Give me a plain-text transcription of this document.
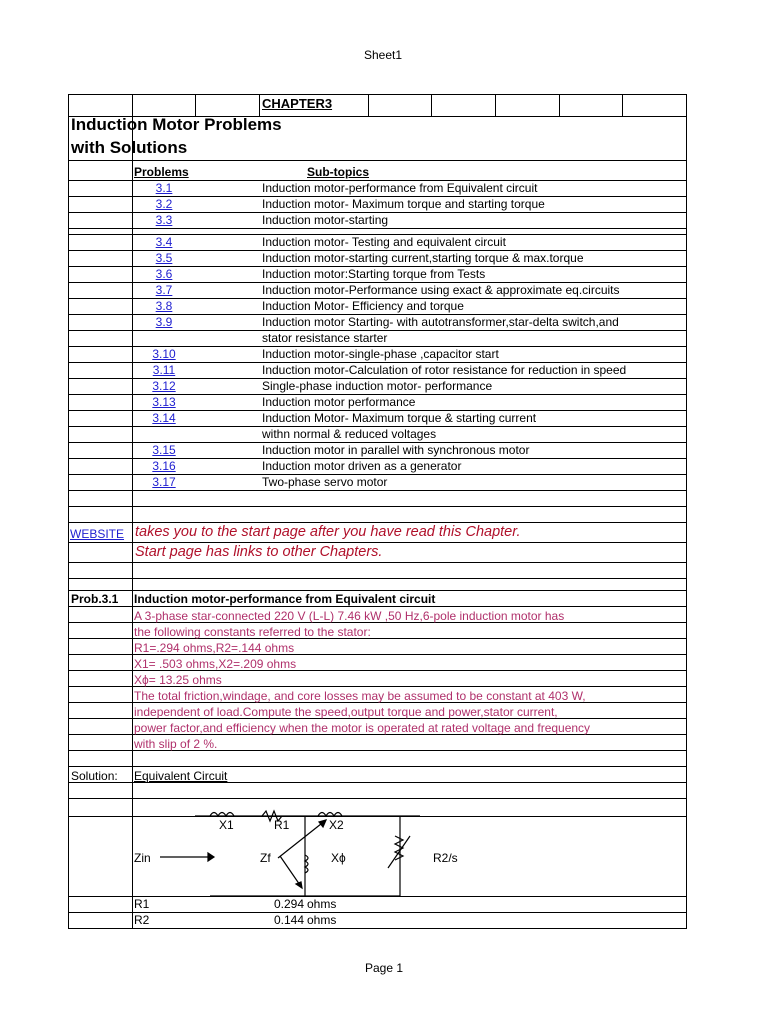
Sheet1
Page 1
CHAPTER3
Induction Motor Problems
with Solutions
Problems	Sub-topics
3.1	Induction motor-performance from Equivalent circuit
3.2	Induction motor- Maximum torque and starting torque
3.3	Induction motor-starting
3.4	Induction motor- Testing and equivalent circuit
3.5	Induction motor-starting current,starting torque & max.torque
3.6	Induction motor:Starting torque from Tests
3.7	Induction motor-Performance using exact & approximate eq.circuits
3.8	Induction Motor- Efficiency and torque
3.9	Induction motor Starting- with autotransformer,star-delta switch,and
stator resistance starter
3.10	Induction motor-single-phase ,capacitor start
3.11	Induction motor-Calculation of rotor resistance for reduction in speed
3.12	Single-phase induction motor- performance
3.13	Induction motor performance
3.14	Induction Motor- Maximum torque & starting current
withn normal & reduced voltages
3.15	Induction motor in parallel with synchronous motor
3.16	Induction motor driven as a generator
3.17	Two-phase servo motor
WEBSITE takes you to the start page after you have read this Chapter.
Start page has links to other Chapters.
Prob.3.1 Induction motor-performance from Equivalent circuit
A 3-phase star-connected 220 V (L-L) 7.46 kW ,50 Hz,6-pole induction motor has
the following constants referred to the stator:
R1=.294 ohms,R2=.144 ohms
X1= .503 ohms,X2=.209 ohms
Xϕ= 13.25 ohms
The total friction,windage, and core losses may be assumed to be constant at 403 W,
independent of load.Compute the speed,output torque and power,stator current,
power factor,and efficiency when the motor is operated at rated voltage and frequency
with slip of 2 %.
Solution: Equivalent Circuit
X1	R1	X2
Zin	Zf	Xϕ	R2/s
R1	0.294 ohms
R2	0.144 ohms
